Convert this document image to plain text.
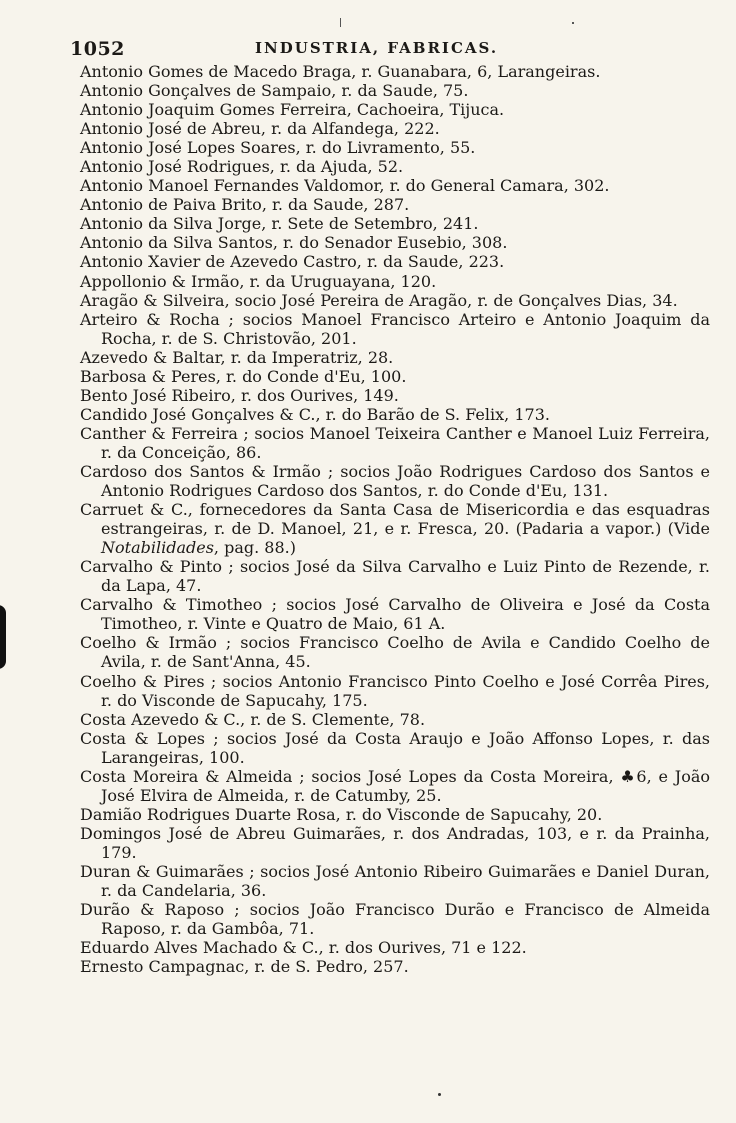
1052	INDUSTRIA, FABRICAS.
Antonio Gomes de Macedo Braga, r. Guanabara, 6, Larangeiras.
Antonio Gonçalves de Sampaio, r. da Saude, 75.
Antonio Joaquim Gomes Ferreira, Cachoeira, Tijuca.
Antonio José de Abreu, r. da Alfandega, 222.
Antonio José Lopes Soares, r. do Livramento, 55.
Antonio José Rodrigues, r. da Ajuda, 52.
Antonio Manoel Fernandes Valdomor, r. do General Camara, 302.
Antonio de Paiva Brito, r. da Saude, 287.
Antonio da Silva Jorge, r. Sete de Setembro, 241.
Antonio da Silva Santos, r. do Senador Eusebio, 308.
Antonio Xavier de Azevedo Castro, r. da Saude, 223.
Appollonio & Irmão, r. da Uruguayana, 120.
Aragão & Silveira, socio José Pereira de Aragão, r. de Gonçalves Dias, 34.
Arteiro & Rocha ; socios Manoel Francisco Arteiro e Antonio Joaquim da Rocha, r. de S. Christovão, 201.
Azevedo & Baltar, r. da Imperatriz, 28.
Barbosa & Peres, r. do Conde d'Eu, 100.
Bento José Ribeiro, r. dos Ourives, 149.
Candido José Gonçalves & C., r. do Barão de S. Felix, 173.
Canther & Ferreira ; socios Manoel Teixeira Canther e Manoel Luiz Ferreira, r. da Conceição, 86.
Cardoso dos Santos & Irmão ; socios João Rodrigues Cardoso dos Santos e Antonio Rodrigues Cardoso dos Santos, r. do Conde d'Eu, 131.
Carruet & C., fornecedores da Santa Casa de Misericordia e das esquadras estrangeiras, r. de D. Manoel, 21, e r. Fresca, 20. (Padaria a vapor.) (Vide Notabilidades, pag. 88.)
Carvalho & Pinto ; socios José da Silva Carvalho e Luiz Pinto de Rezende, r. da Lapa, 47.
Carvalho & Timotheo ; socios José Carvalho de Oliveira e José da Costa Timotheo, r. Vinte e Quatro de Maio, 61 A.
Coelho & Irmão ; socios Francisco Coelho de Avila e Candido Coelho de Avila, r. de Sant'Anna, 45.
Coelho & Pires ; socios Antonio Francisco Pinto Coelho e José Corrêa Pires, r. do Visconde de Sapucahy, 175.
Costa Azevedo & C., r. de S. Clemente, 78.
Costa & Lopes ; socios José da Costa Araujo e João Affonso Lopes, r. das Larangeiras, 100.
Costa Moreira & Almeida ; socios José Lopes da Costa Moreira, ♣6, e João José Elvira de Almeida, r. de Catumby, 25.
Damião Rodrigues Duarte Rosa, r. do Visconde de Sapucahy, 20.
Domingos José de Abreu Guimarães, r. dos Andradas, 103, e r. da Prainha, 179.
Duran & Guimarães ; socios José Antonio Ribeiro Guimarães e Daniel Duran, r. da Candelaria, 36.
Durão & Raposo ; socios João Francisco Durão e Francisco de Almeida Raposo, r. da Gambôa, 71.
Eduardo Alves Machado & C., r. dos Ourives, 71 e 122.
Ernesto Campagnac, r. de S. Pedro, 257.
